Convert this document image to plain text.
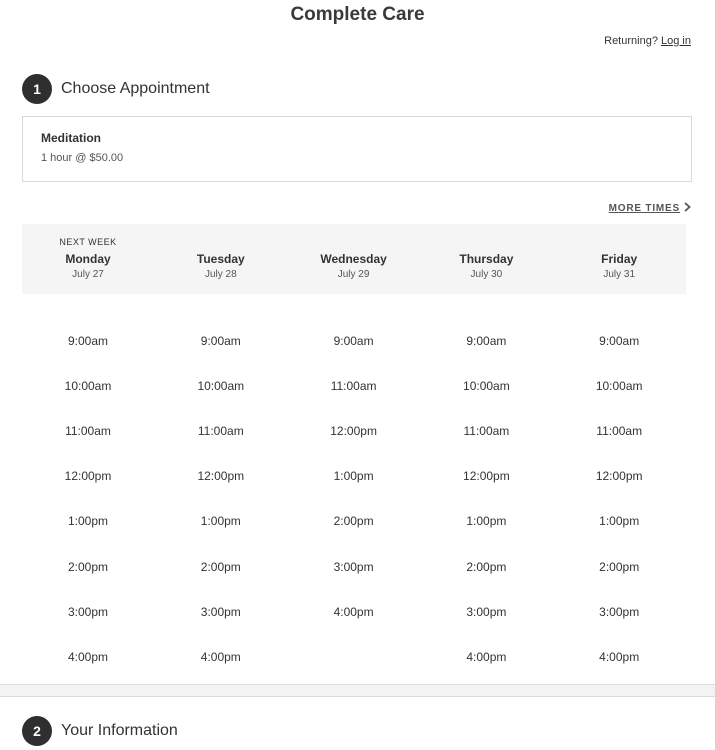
Complete Care
Returning? Log in
1	Choose Appointment
Meditation
1 hour @ $50.00
MORE TIMES
NEXT WEEK
Monday
July 27
Tuesday
July 28
Wednesday
July 29
Thursday
July 30
Friday
July 31
9:00am
10:00am
11:00am
12:00pm
1:00pm
2:00pm
3:00pm
4:00pm
9:00am
10:00am
11:00am
12:00pm
1:00pm
2:00pm
3:00pm
4:00pm
9:00am
11:00am
12:00pm
1:00pm
2:00pm
3:00pm
4:00pm
9:00am
10:00am
11:00am
12:00pm
1:00pm
2:00pm
3:00pm
4:00pm
9:00am
10:00am
11:00am
12:00pm
1:00pm
2:00pm
3:00pm
4:00pm
2	Your Information
